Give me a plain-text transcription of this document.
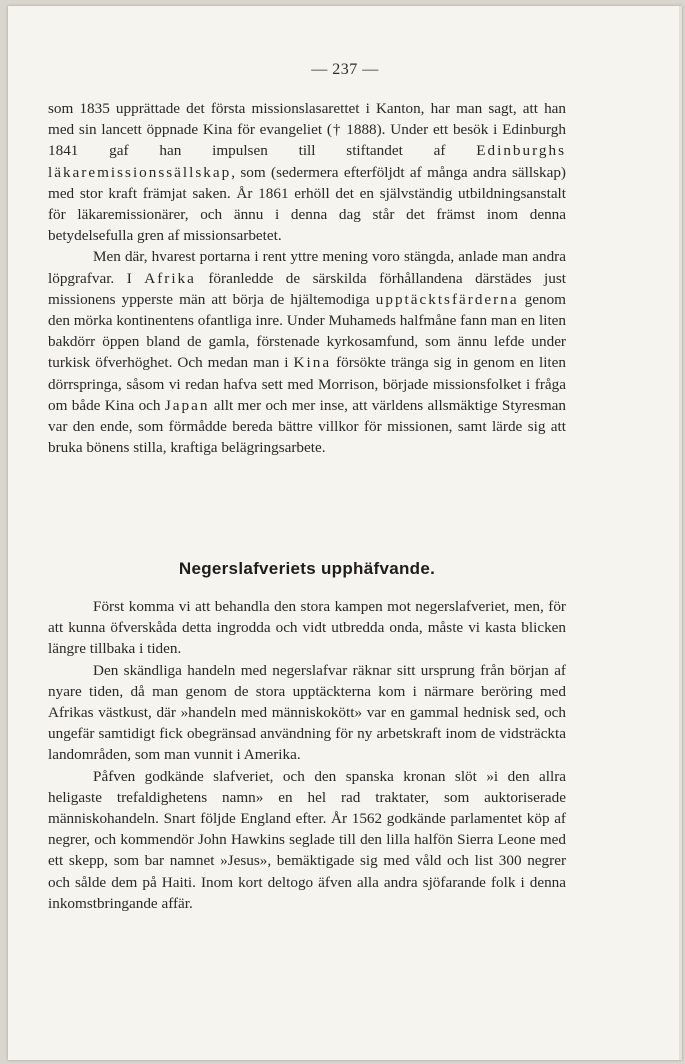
— 237 —

som 1835 upprättade det första missionslasarettet i Kanton, har man sagt, att han med sin lancett öppnade Kina för evangeliet († 1888). Under ett besök i Edinburgh 1841 gaf han impulsen till stiftandet af Edinburghs läkaremissionssällskap, som (sedermera efterföljdt af många andra sällskap) med stor kraft främjat saken. År 1861 erhöll det en självständig utbildningsanstalt för läkaremissionärer, och ännu i denna dag står det främst inom denna betydelsefulla gren af missionsarbetet.

Men där, hvarest portarna i rent yttre mening voro stängda, anlade man andra löpgrafvar. I Afrika föranledde de särskilda förhållandena därstädes just missionens ypperste män att börja de hjältemodiga upptäcktsfärderna genom den mörka kontinentens ofantliga inre. Under Muhameds halfmåne fann man en liten bakdörr öppen bland de gamla, förstenade kyrkosamfund, som ännu lefde under turkisk öfverhöghet. Och medan man i Kina försökte tränga sig in genom en liten dörrspringa, såsom vi redan hafva sett med Morrison, började missionsfolket i fråga om både Kina och Japan allt mer och mer inse, att världens allsmäktige Styresman var den ende, som förmådde bereda bättre villkor för missionen, samt lärde sig att bruka bönens stilla, kraftiga belägringsarbete.

Negerslafveriets upphäfvande.

Först komma vi att behandla den stora kampen mot negerslafveriet, men, för att kunna öfverskåda detta ingrodda och vidt utbredda onda, måste vi kasta blicken längre tillbaka i tiden.

Den skändliga handeln med negerslafvar räknar sitt ursprung från början af nyare tiden, då man genom de stora upptäckterna kom i närmare beröring med Afrikas västkust, där »handeln med människokött» var en gammal hednisk sed, och ungefär samtidigt fick obegränsad användning för ny arbetskraft inom de vidsträckta landområden, som man vunnit i Amerika.

Påfven godkände slafveriet, och den spanska kronan slöt »i den allra heligaste trefaldighetens namn» en hel rad traktater, som auktoriserade människohandeln. Snart följde England efter. År 1562 godkände parlamentet köp af negrer, och kommendör John Hawkins seglade till den lilla halfön Sierra Leone med ett skepp, som bar namnet »Jesus», bemäktigade sig med våld och list 300 negrer och sålde dem på Haiti. Inom kort deltogo äfven alla andra sjöfarande folk i denna inkomstbringande affär.
